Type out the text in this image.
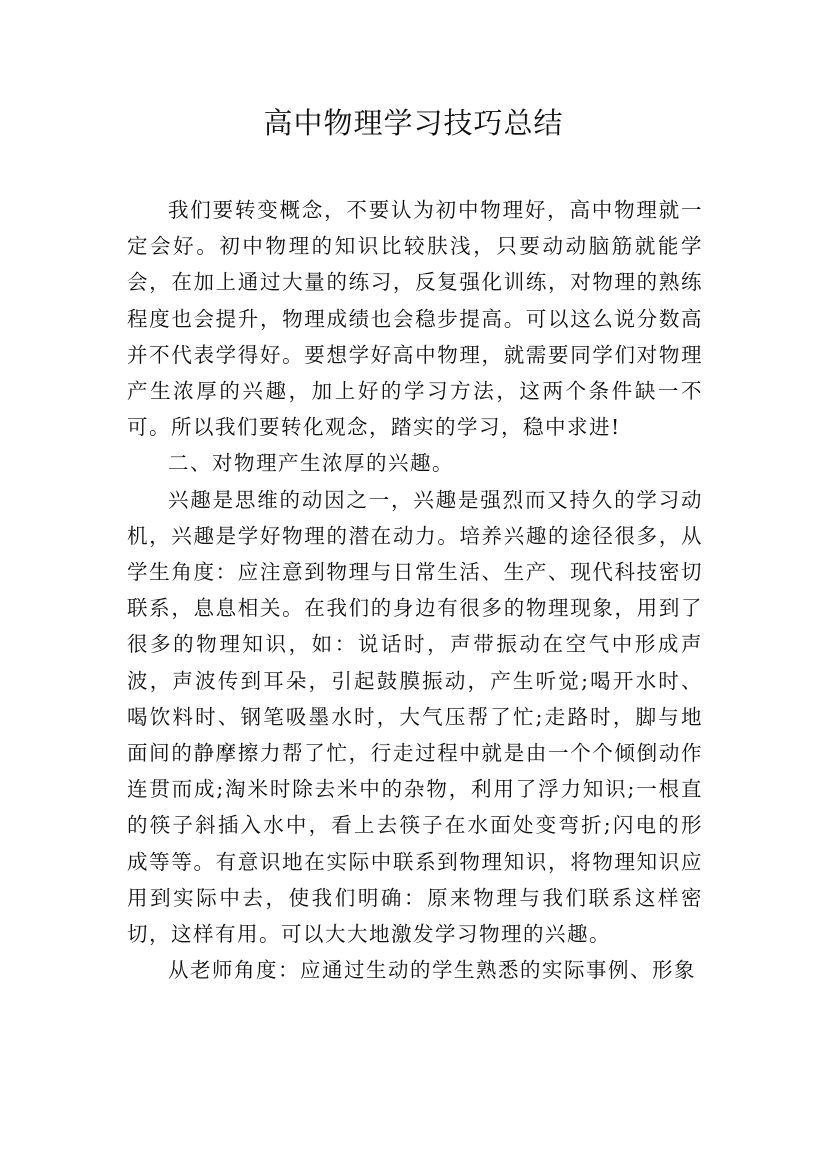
高中物理学习技巧总结

我们要转变概念，不要认为初中物理好，高中物理就一定会好。初中物理的知识比较肤浅，只要动动脑筋就能学会，在加上通过大量的练习，反复强化训练，对物理的熟练程度也会提升，物理成绩也会稳步提高。可以这么说分数高并不代表学得好。要想学好高中物理，就需要同学们对物理产生浓厚的兴趣，加上好的学习方法，这两个条件缺一不可。所以我们要转化观念，踏实的学习，稳中求进!

二、对物理产生浓厚的兴趣。

兴趣是思维的动因之一，兴趣是强烈而又持久的学习动机，兴趣是学好物理的潜在动力。培养兴趣的途径很多，从学生角度：应注意到物理与日常生活、生产、现代科技密切联系，息息相关。在我们的身边有很多的物理现象，用到了很多的物理知识，如：说话时，声带振动在空气中形成声波，声波传到耳朵，引起鼓膜振动，产生听觉;喝开水时、喝饮料时、钢笔吸墨水时，大气压帮了忙;走路时，脚与地面间的静摩擦力帮了忙，行走过程中就是由一个个倾倒动作连贯而成;淘米时除去米中的杂物，利用了浮力知识;一根直的筷子斜插入水中，看上去筷子在水面处变弯折;闪电的形成等等。有意识地在实际中联系到物理知识，将物理知识应用到实际中去，使我们明确：原来物理与我们联系这样密切，这样有用。可以大大地激发学习物理的兴趣。

从老师角度：应通过生动的学生熟悉的实际事例、形象
